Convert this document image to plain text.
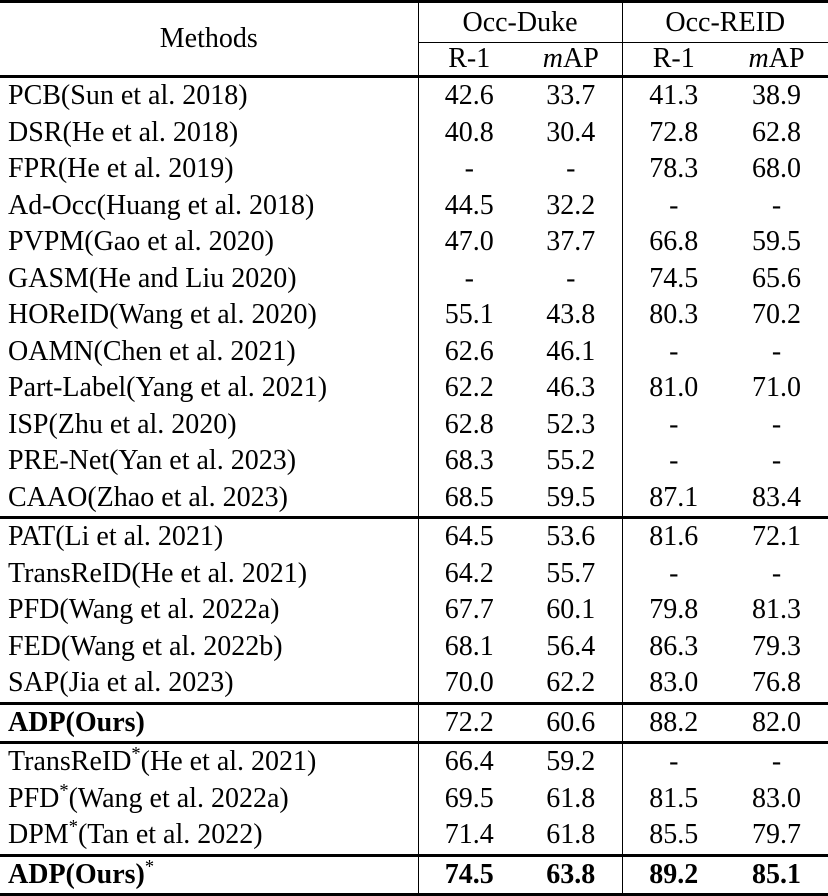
Methods	Occ-Duke		Occ-REID	
	R-1	mAP	R-1	mAP
PCB(Sun et al. 2018)	42.6	33.7	41.3	38.9
DSR(He et al. 2018)	40.8	30.4	72.8	62.8
FPR(He et al. 2019)	-	-	78.3	68.0
Ad-Occ(Huang et al. 2018)	44.5	32.2	-	-
PVPM(Gao et al. 2020)	47.0	37.7	66.8	59.5
GASM(He and Liu 2020)	-	-	74.5	65.6
HOReID(Wang et al. 2020)	55.1	43.8	80.3	70.2
OAMN(Chen et al. 2021)	62.6	46.1	-	-
Part-Label(Yang et al. 2021)	62.2	46.3	81.0	71.0
ISP(Zhu et al. 2020)	62.8	52.3	-	-
PRE-Net(Yan et al. 2023)	68.3	55.2	-	-
CAAO(Zhao et al. 2023)	68.5	59.5	87.1	83.4
PAT(Li et al. 2021)	64.5	53.6	81.6	72.1
TransReID(He et al. 2021)	64.2	55.7	-	-
PFD(Wang et al. 2022a)	67.7	60.1	79.8	81.3
FED(Wang et al. 2022b)	68.1	56.4	86.3	79.3
SAP(Jia et al. 2023)	70.0	62.2	83.0	76.8
ADP(Ours)	72.2	60.6	88.2	82.0
TransReID*(He et al. 2021)	66.4	59.2	-	-
PFD*(Wang et al. 2022a)	69.5	61.8	81.5	83.0
DPM*(Tan et al. 2022)	71.4	61.8	85.5	79.7
ADP(Ours)*	74.5	63.8	89.2	85.1
